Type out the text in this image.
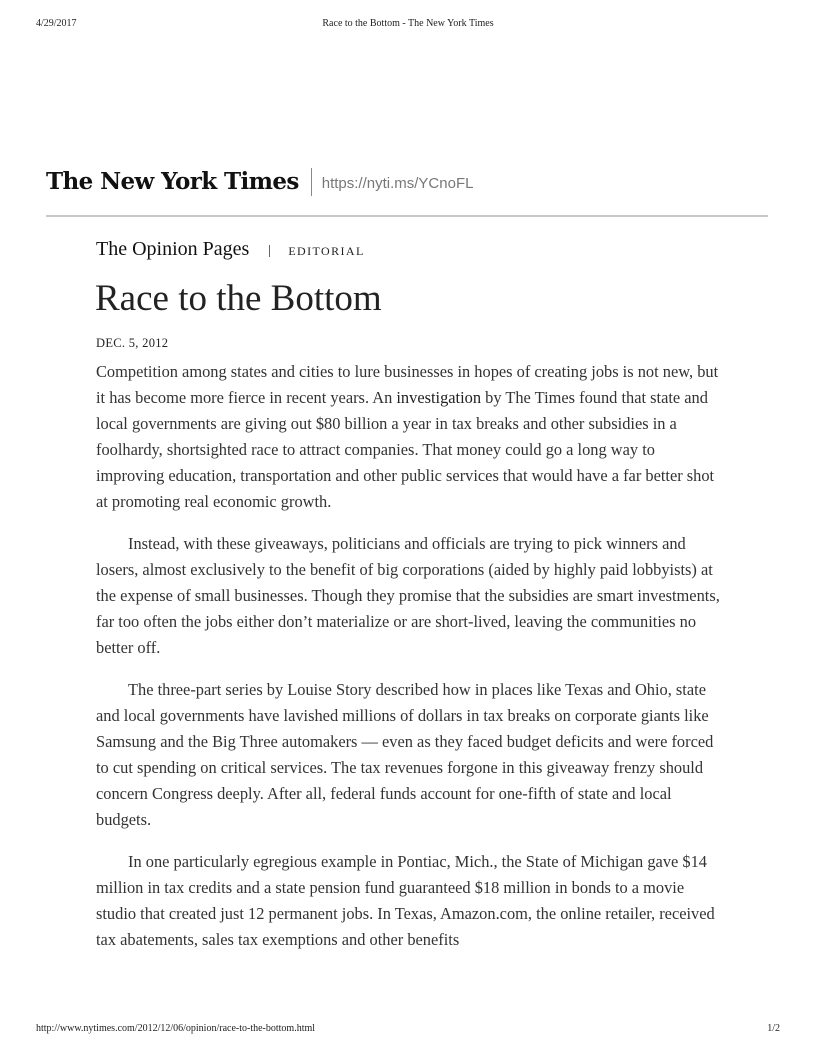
4/29/2017	Race to the Bottom - The New York Times
The New York Times https://nyti.ms/YCnoFL
The Opinion Pages	EDITORIAL
Race to the Bottom
DEC. 5, 2012

Competition among states and cities to lure businesses in hopes of creating jobs is not new, but it has become more fierce in recent years. An investigation by The Times found that state and local governments are giving out $80 billion a year in tax breaks and other subsidies in a foolhardy, shortsighted race to attract companies. That money could go a long way to improving education, transportation and other public services that would have a far better shot at promoting real economic growth.

Instead, with these giveaways, politicians and officials are trying to pick winners and losers, almost exclusively to the benefit of big corporations (aided by highly paid lobbyists) at the expense of small businesses. Though they promise that the subsidies are smart investments, far too often the jobs either don’t materialize or are short-lived, leaving the communities no better off.

The three-part series by Louise Story described how in places like Texas and Ohio, state and local governments have lavished millions of dollars in tax breaks on corporate giants like Samsung and the Big Three automakers — even as they faced budget deficits and were forced to cut spending on critical services. The tax revenues forgone in this giveaway frenzy should concern Congress deeply. After all, federal funds account for one-fifth of state and local budgets.

In one particularly egregious example in Pontiac, Mich., the State of Michigan gave $14 million in tax credits and a state pension fund guaranteed $18 million in bonds to a movie studio that created just 12 permanent jobs. In Texas, Amazon.com, the online retailer, received tax abatements, sales tax exemptions and other benefits

http://www.nytimes.com/2012/12/06/opinion/race-to-the-bottom.html	1/2
